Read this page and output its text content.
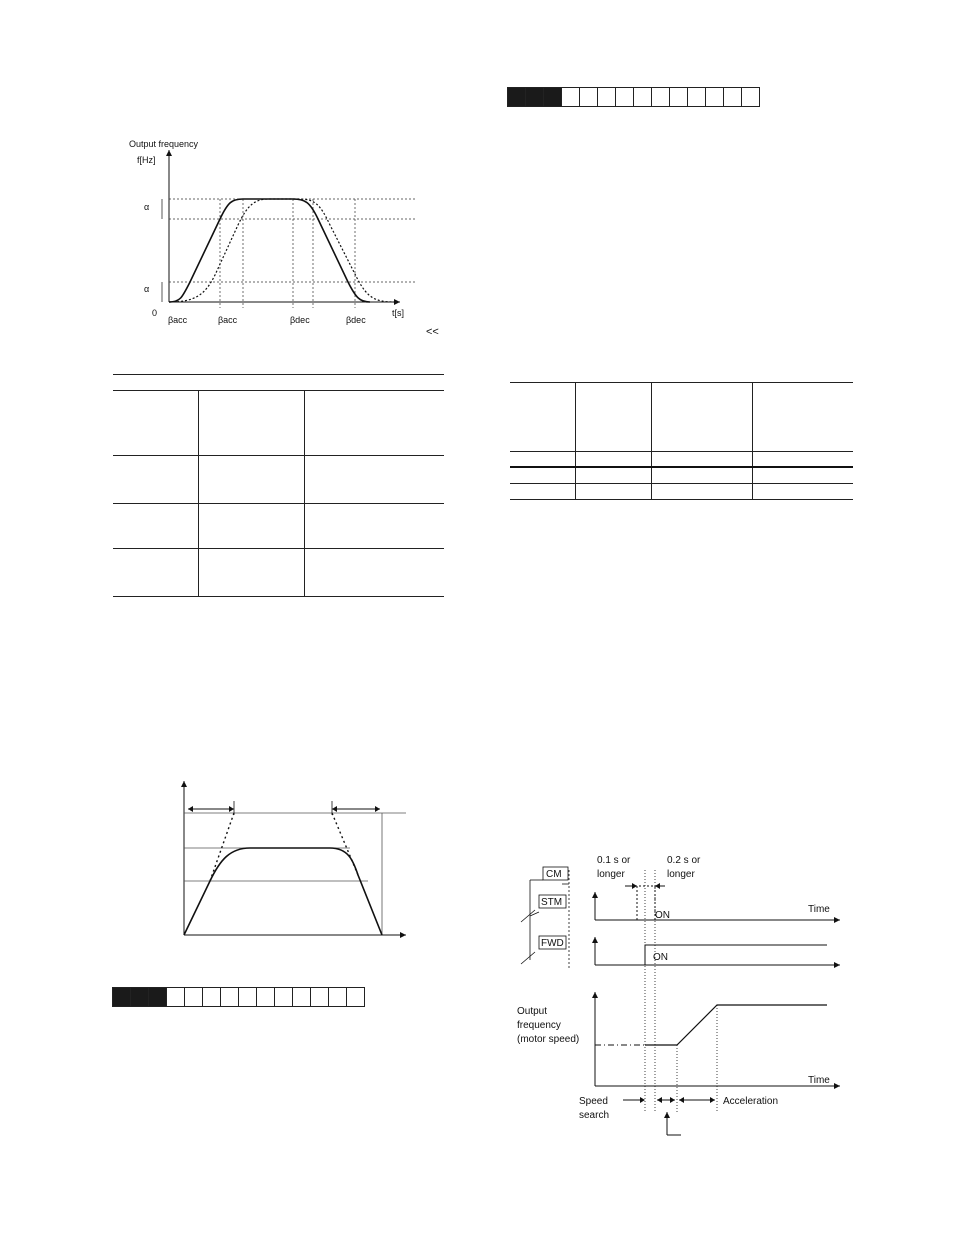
Output frequency
f[Hz]
0	t[s]
α
α
βacc	βacc	βdec	βdec
<<

0.1 s or
longer
0.2 s or
longer
CM
STM
FWD
ON
Time
ON
Output
frequency
(motor speed)
Time
Speed
search
Acceleration
